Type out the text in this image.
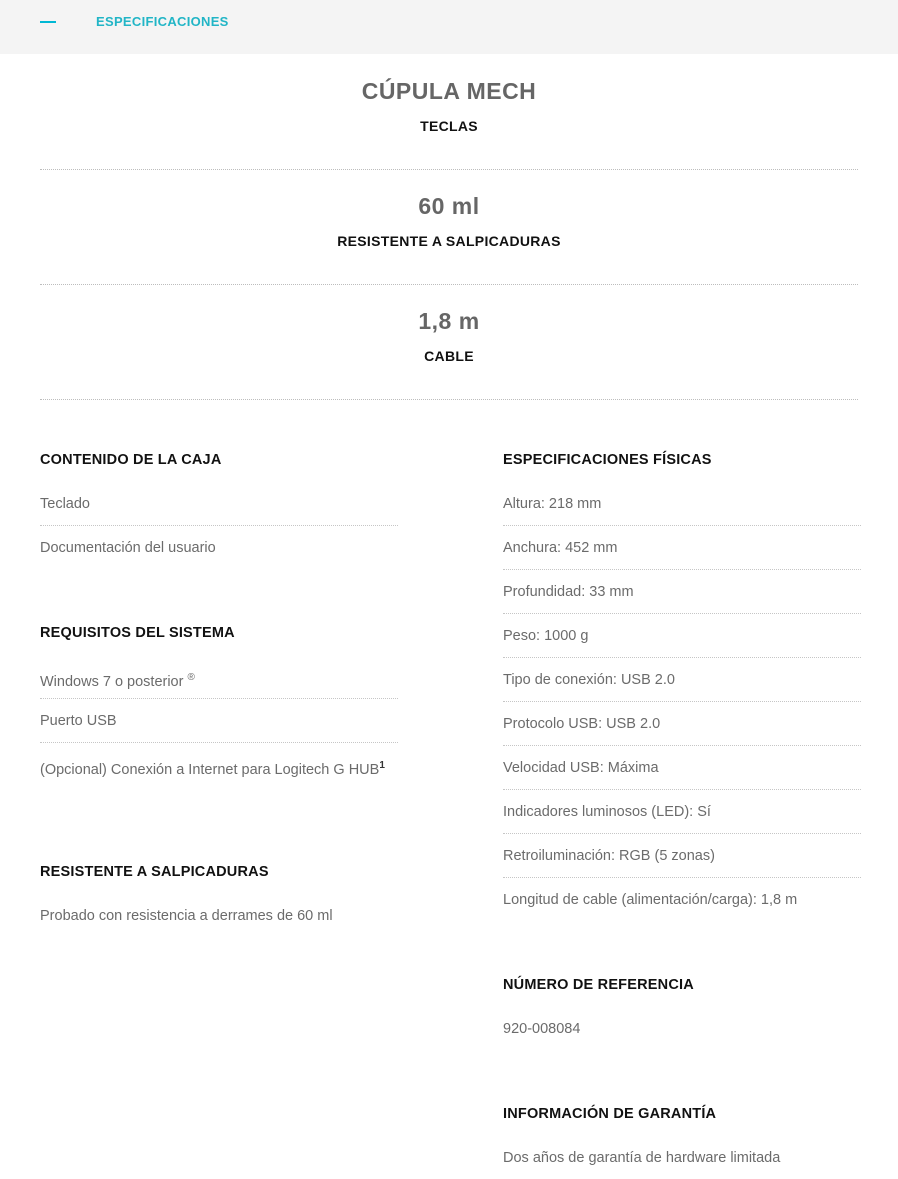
ESPECIFICACIONES
CÚPULA MECH
TECLAS
60 ml
RESISTENTE A SALPICADURAS
1,8 m
CABLE
CONTENIDO DE LA CAJA
Teclado
Documentación del usuario
REQUISITOS DEL SISTEMA
Windows 7 o posterior ®
Puerto USB
(Opcional) Conexión a Internet para Logitech G HUB$^1$
RESISTENTE A SALPICADURAS
Probado con resistencia a derrames de 60 ml
ESPECIFICACIONES FÍSICAS
Altura: 218 mm
Anchura: 452 mm
Profundidad: 33 mm
Peso: 1000 g
Tipo de conexión: USB 2.0
Protocolo USB: USB 2.0
Velocidad USB: Máxima
Indicadores luminosos (LED): Sí
Retroiluminación: RGB (5 zonas)
Longitud de cable (alimentación/carga): 1,8 m
NÚMERO DE REFERENCIA
920-008084
INFORMACIÓN DE GARANTÍA
Dos años de garantía de hardware limitada
